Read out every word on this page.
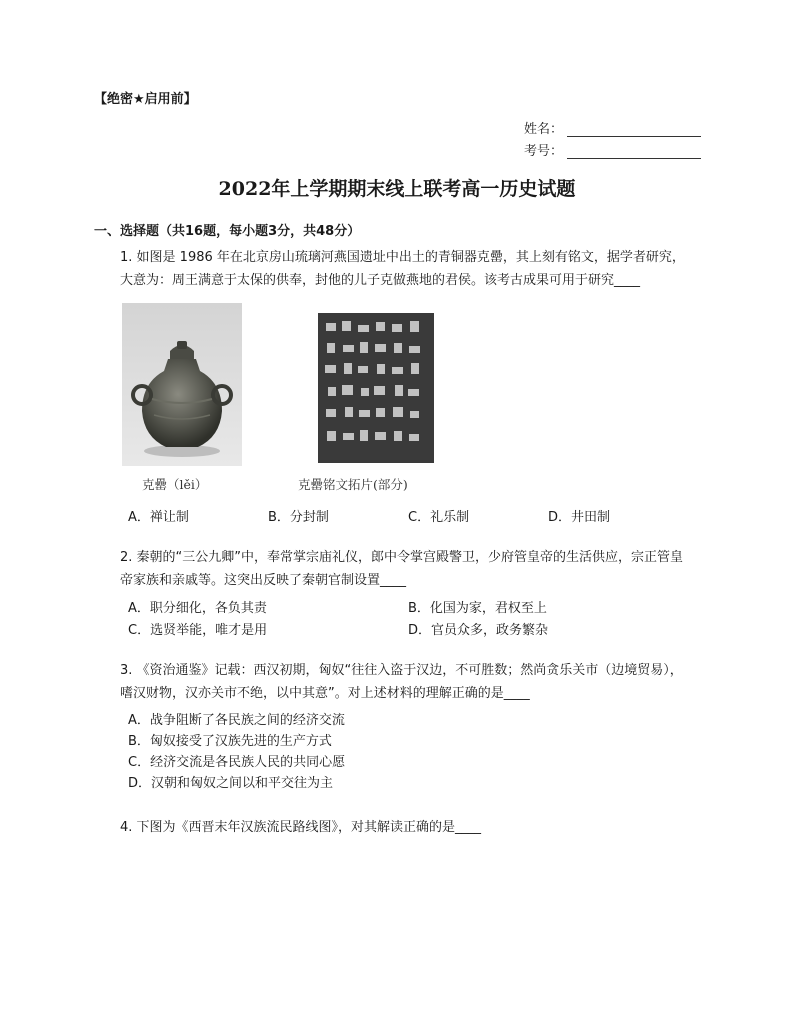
【绝密★启用前】
姓名：
考号：
2022年上学期期末线上联考高一历史试题
一、选择题（共16题，每小题3分，共48分）
1. 如图是 1986 年在北京房山琉璃河燕国遗址中出土的青铜器克罍，其上刻有铭文，据学者研究，
大意为：周王满意于太保的供奉，封他的儿子克做燕地的君侯。该考古成果可用于研究____
克罍（lěi）	克罍铭文拓片(部分)
A．禅让制	B．分封制	C．礼乐制	D．井田制
2. 秦朝的“三公九卿”中，奉常掌宗庙礼仪，郎中令掌宫殿警卫，少府管皇帝的生活供应，宗正管皇
帝家族和亲戚等。这突出反映了秦朝官制设置____
A．职分细化，各负其责	B．化国为家，君权至上
C．选贤举能，唯才是用	D．官员众多，政务繁杂
3. 《资治通鉴》记载：西汉初期，匈奴“往往入盗于汉边，不可胜数；然尚贪乐关市（边境贸易），
嗜汉财物，汉亦关市不绝，以中其意”。对上述材料的理解正确的是____
A．战争阻断了各民族之间的经济交流
B．匈奴接受了汉族先进的生产方式
C．经济交流是各民族人民的共同心愿
D．汉朝和匈奴之间以和平交往为主
4. 下图为《西晋末年汉族流民路线图》，对其解读正确的是____
